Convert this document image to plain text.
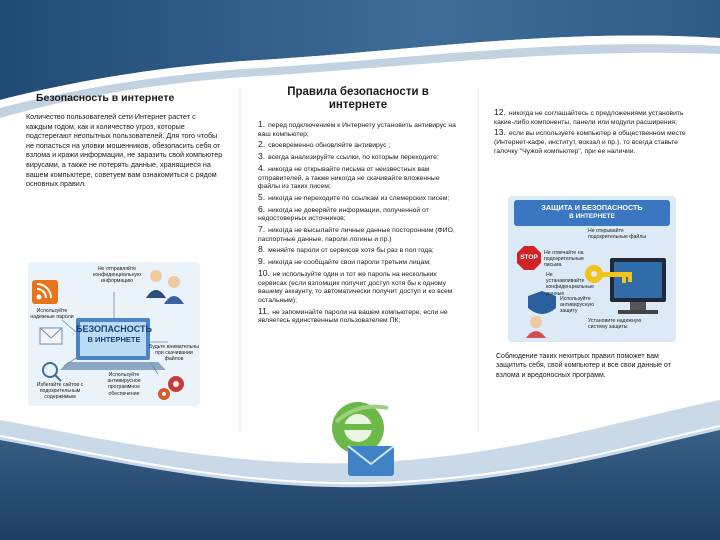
Безопасность в интернете
Количество пользователей сети Интернет растет с каждым годом, как и количество угроз, которые подстерегают неопытных пользователей. Для того чтобы не попасться на уловки мошенников, обезопасить себя от взлома и кражи информации, не заразить свой компьютер вирусами, а также не потерять данные, хранящиеся на вашем компьютере, советуем вам ознакомиться с рядом основных правил.
БЕЗОПАСНОСТЬ
В ИНТЕРНЕТЕ
Не отправляйте конфиденциальную информацию
Используйте надежные пароли
Будьте внимательны при скачивании файлов
Избегайте сайтов с подозрительным содержимым
Используйте антивирусное программное обеспечение
Правила безопасности в интернете
1. перед подключением к Интернету установить антивирус на ваш компьютер;
2. своевременно обновляйте антивирус ;
3. всегда анализируйте ссылки, по которым переходите;
4. никогда не открывайте письма от неизвестных вам отправителей, а также никогда не скачивайте вложенные файлы из таких писем;
5. никогда не переходите по ссылкам из слемерских писем;
6. никогда не доверяйте информации, полученной от недостоверных источников;
7. никогда не высылайте личные данные посторонним (ФИО, паспортные данные, пароли логины и пр.)
8. меняйте пароли от сервисов хотя бы раз в пол года;
9. никогда не сообщайте свои пароли третьим лицам;
10. не используйте один и тот же пароль на нескольких сервисах (если взломщик получит доступ хотя бы к одному вашему аккаунту, то автоматически получит доступ и ко всем остальным);
11. не запоминайте пароли на вашем компьютере, если не являетесь единственным пользователем ПК;
12. никогда не соглашайтесь с предложениями установить какие-либо компоненты, панели или модули расширения;
13. если вы используете компьютер в общественном месте (Интернет-кафе, институт, вокзал и пр.), то всегда ставьте галочку "Чужой компьютер", при ее наличии.
ЗАЩИТА И БЕЗОПАСНОСТЬ
В ИНТЕРНЕТЕ
STOP
Не открывайте подозрительные файлы
Не отвечайте на подозрительные письма
Не устанавливайте конфиденциальные данные
Используйте антивирусную защиту
Установите надежную систему защиты
Соблюдение таких нехитрых правил поможет вам защитить себя, свой компьютер и все свои данные от взлома и вредоносных программ.
